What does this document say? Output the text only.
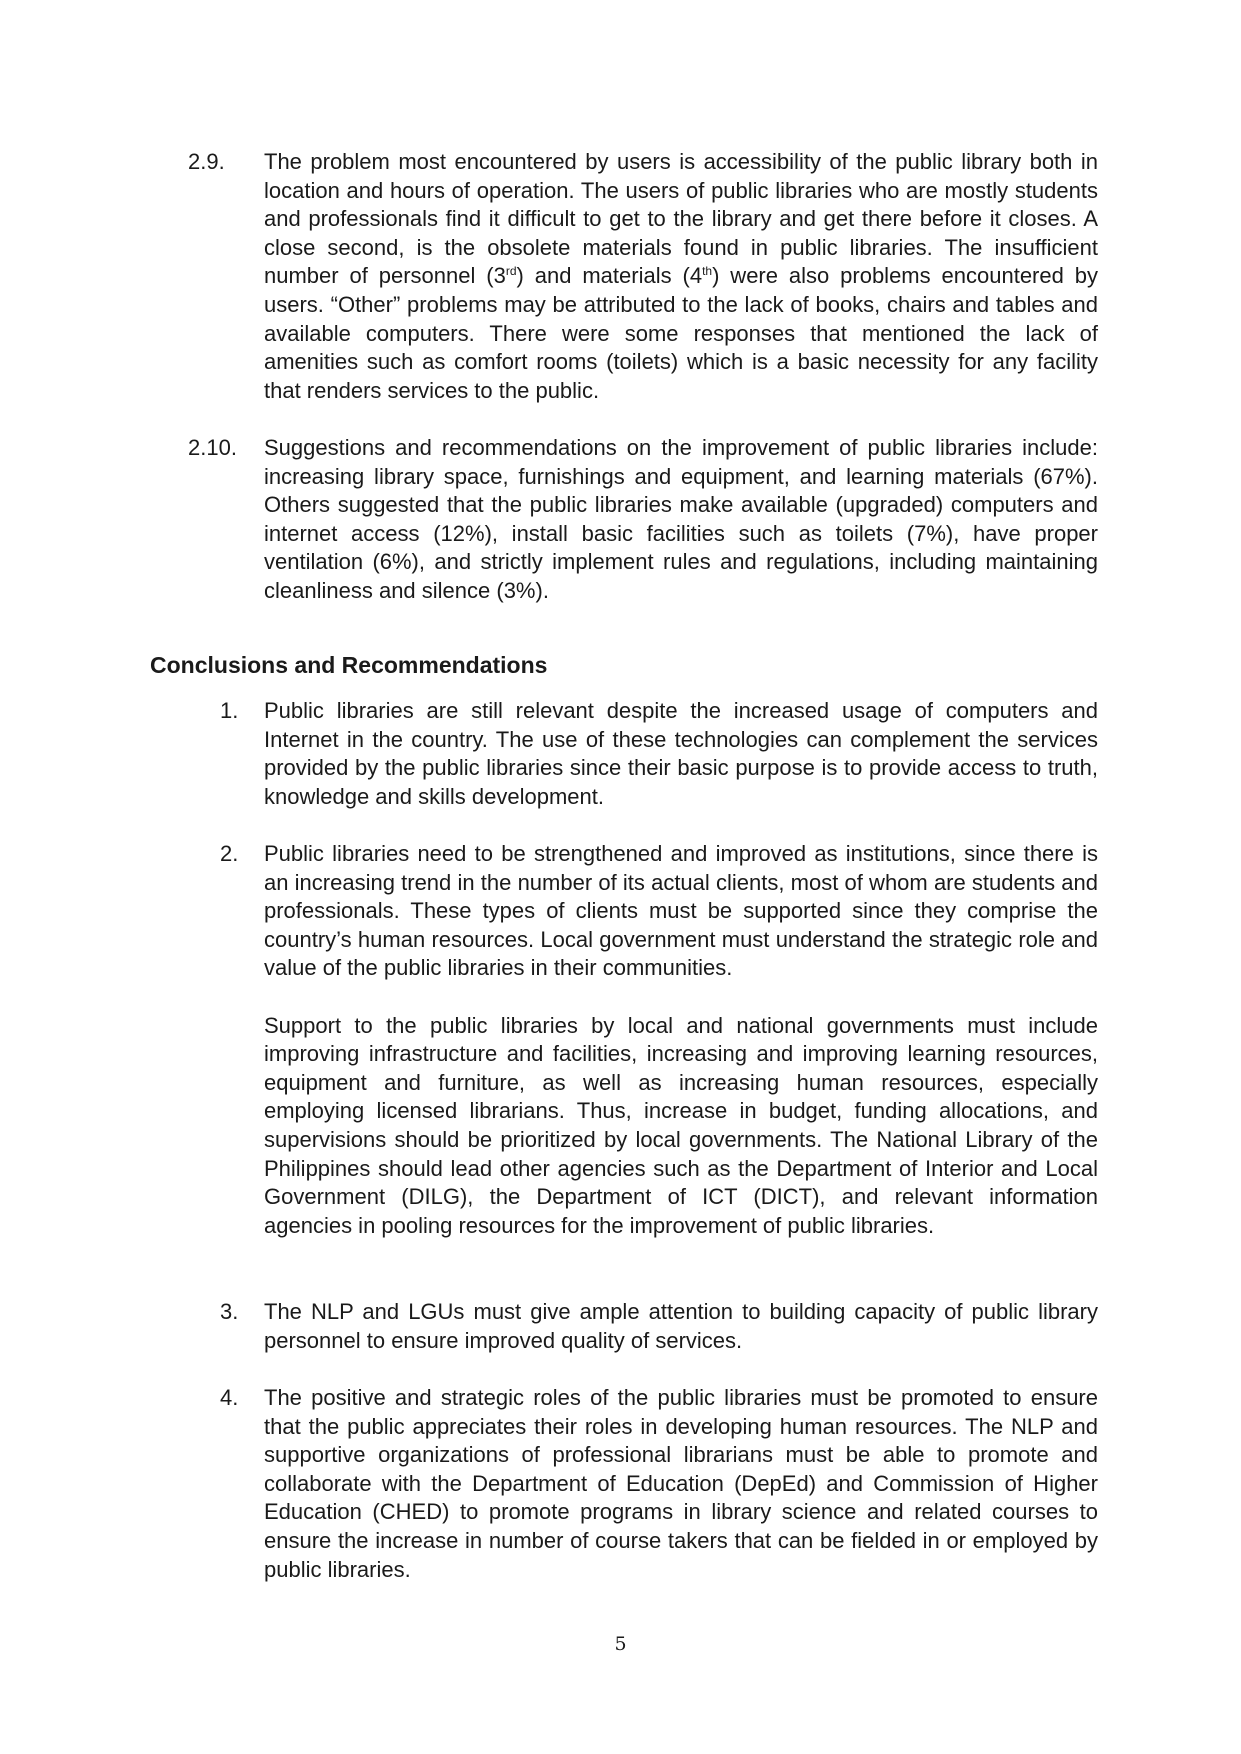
2.9. The problem most encountered by users is accessibility of the public library both in location and hours of operation. The users of public libraries who are mostly students and professionals find it difficult to get to the library and get there before it closes. A close second, is the obsolete materials found in public libraries. The insufficient number of personnel (3rd) and materials (4th) were also problems encountered by users. “Other” problems may be attributed to the lack of books, chairs and tables and available computers. There were some responses that mentioned the lack of amenities such as comfort rooms (toilets) which is a basic necessity for any facility that renders services to the public.
2.10. Suggestions and recommendations on the improvement of public libraries include: increasing library space, furnishings and equipment, and learning materials (67%). Others suggested that the public libraries make available (upgraded) computers and internet access (12%), install basic facilities such as toilets (7%), have proper ventilation (6%), and strictly implement rules and regulations, including maintaining cleanliness and silence (3%).
Conclusions and Recommendations
1. Public libraries are still relevant despite the increased usage of computers and Internet in the country. The use of these technologies can complement the services provided by the public libraries since their basic purpose is to provide access to truth, knowledge and skills development.
2. Public libraries need to be strengthened and improved as institutions, since there is an increasing trend in the number of its actual clients, most of whom are students and professionals. These types of clients must be supported since they comprise the country’s human resources. Local government must understand the strategic role and value of the public libraries in their communities.

Support to the public libraries by local and national governments must include improving infrastructure and facilities, increasing and improving learning resources, equipment and furniture, as well as increasing human resources, especially employing licensed librarians. Thus, increase in budget, funding allocations, and supervisions should be prioritized by local governments. The National Library of the Philippines should lead other agencies such as the Department of Interior and Local Government (DILG), the Department of ICT (DICT), and relevant information agencies in pooling resources for the improvement of public libraries.

3. The NLP and LGUs must give ample attention to building capacity of public library personnel to ensure improved quality of services.
4. The positive and strategic roles of the public libraries must be promoted to ensure that the public appreciates their roles in developing human resources. The NLP and supportive organizations of professional librarians must be able to promote and collaborate with the Department of Education (DepEd) and Commission of Higher Education (CHED) to promote programs in library science and related courses to ensure the increase in number of course takers that can be fielded in or employed by public libraries.
5
